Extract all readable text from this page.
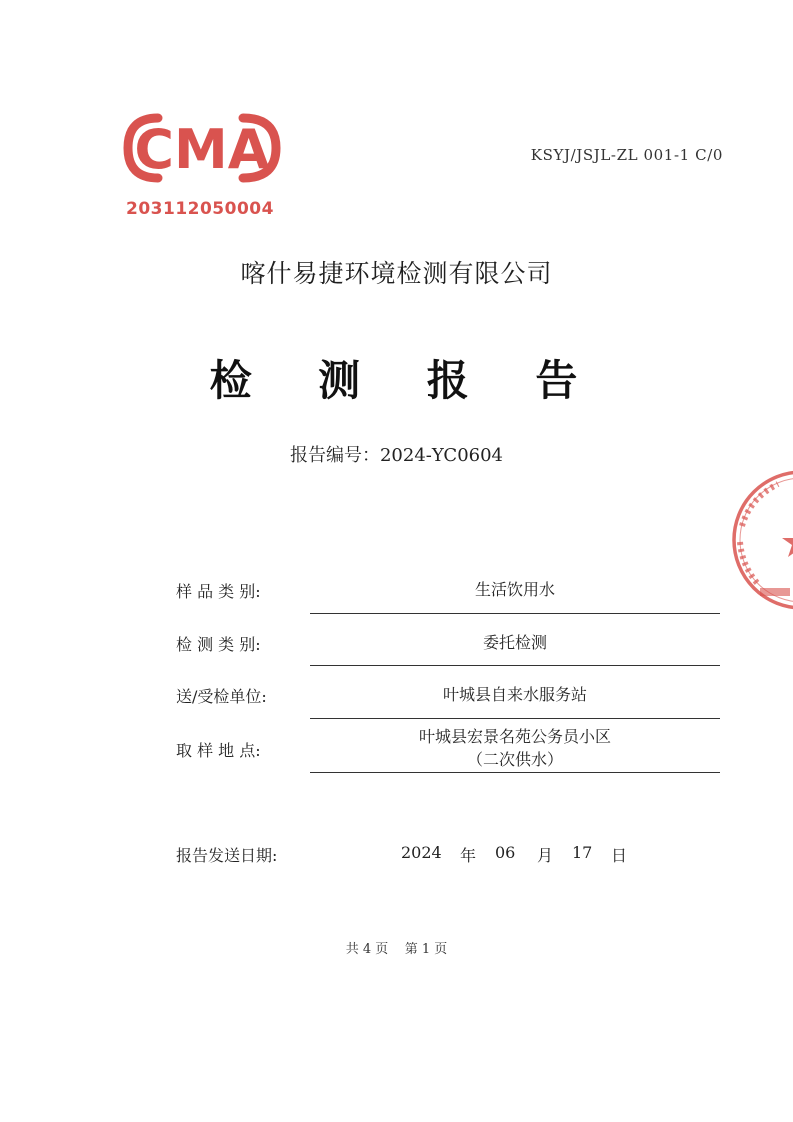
CMA
203112050004
KSYJ/JSJL-ZL 001-1 C/0
喀什易捷环境检测有限公司
检 测 报 告
报告编号：2024-YC0604
样 品 类 别:	生活饮用水
检 测 类 别:	委托检测
送/受检单位:	叶城县自来水服务站
取 样 地 点:
叶城县宏景名苑公务员小区
（二次供水）
报告发送日期:	2024 年 06 月 17 日
共 4 页    第 1 页
